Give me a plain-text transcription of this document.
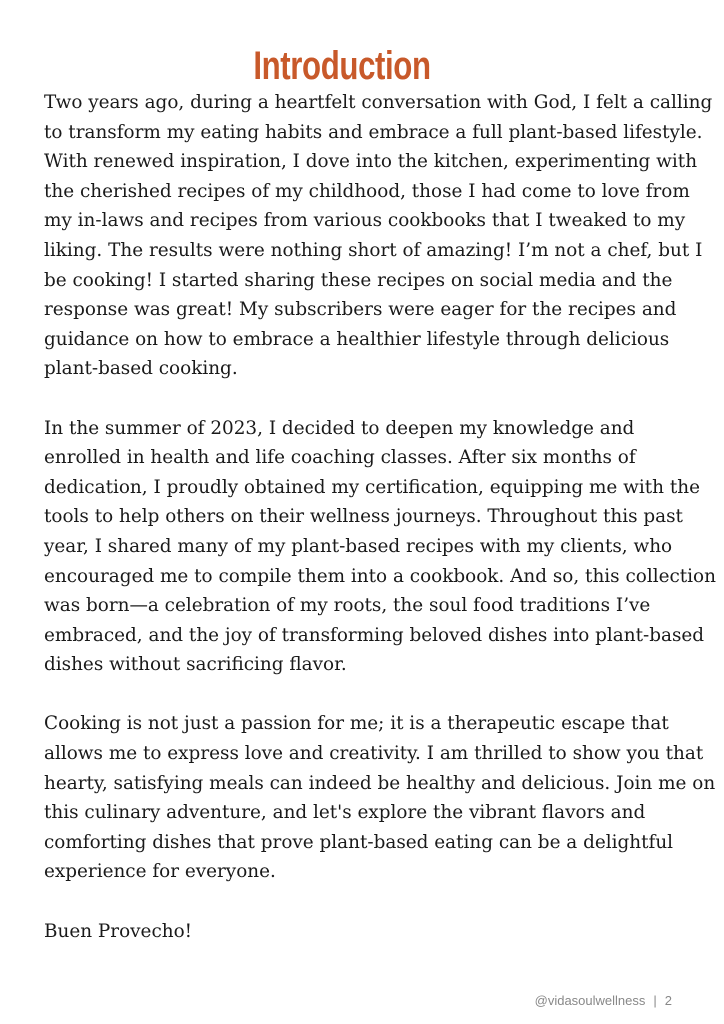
Introduction

Two years ago, during a heartfelt conversation with God, I felt a calling to transform my eating habits and embrace a full plant-based lifestyle. With renewed inspiration, I dove into the kitchen, experimenting with the cherished recipes of my childhood, those I had come to love from my in-laws and recipes from various cookbooks that I tweaked to my liking. The results were nothing short of amazing! I’m not a chef, but I be cooking! I started sharing these recipes on social media and the response was great! My subscribers were eager for the recipes and guidance on how to embrace a healthier lifestyle through delicious plant-based cooking.

In the summer of 2023, I decided to deepen my knowledge and enrolled in health and life coaching classes. After six months of dedication, I proudly obtained my certification, equipping me with the tools to help others on their wellness journeys. Throughout this past year, I shared many of my plant-based recipes with my clients, who encouraged me to compile them into a cookbook. And so, this collection was born—a celebration of my roots, the soul food traditions I’ve embraced, and the joy of transforming beloved dishes into plant-based dishes without sacrificing flavor.

Cooking is not just a passion for me; it is a therapeutic escape that allows me to express love and creativity. I am thrilled to show you that hearty, satisfying meals can indeed be healthy and delicious. Join me on this culinary adventure, and let's explore the vibrant flavors and comforting dishes that prove plant-based eating can be a delightful experience for everyone.

Buen Provecho!

@vidasoulwellness | 2
